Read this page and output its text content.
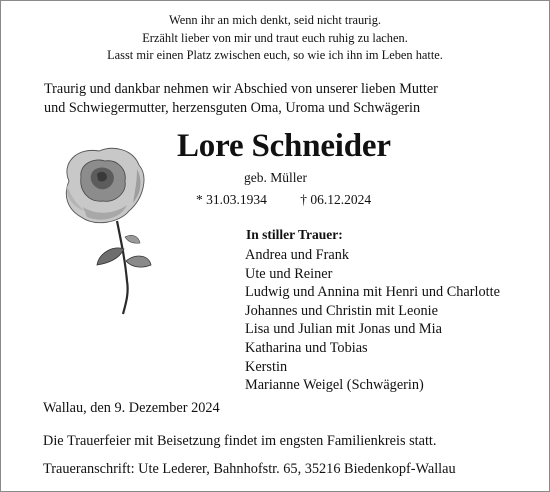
Wenn ihr an mich denkt, seid nicht traurig.
Erzählt lieber von mir und traut euch ruhig zu lachen.
Lasst mir einen Platz zwischen euch, so wie ich ihn im Leben hatte.
Traurig und dankbar nehmen wir Abschied von unserer lieben Mutter
und Schwiegermutter, herzensguten Oma, Uroma und Schwägerin
Lore Schneider
geb. Müller
* 31.03.1934 † 06.12.2024
In stiller Trauer:
Andrea und Frank
Ute und Reiner
Ludwig und Annina mit Henri und Charlotte
Johannes und Christin mit Leonie
Lisa und Julian mit Jonas und Mia
Katharina und Tobias
Kerstin
Marianne Weigel (Schwägerin)
Wallau, den 9. Dezember 2024
Die Trauerfeier mit Beisetzung findet im engsten Familienkreis statt.
Traueranschrift: Ute Lederer, Bahnhofstr. 65, 35216 Biedenkopf-Wallau
